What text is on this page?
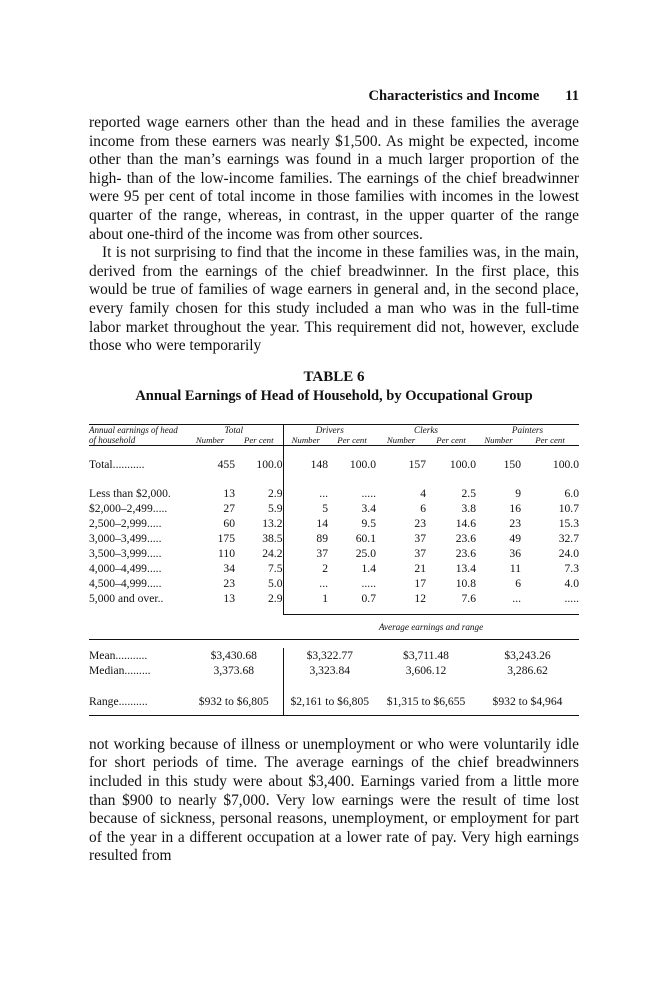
Characteristics and Income 11

reported wage earners other than the head and in these families the average income from these earners was nearly $1,500. As might be expected, income other than the man’s earnings was found in a much larger proportion of the high- than of the low-income families. The earnings of the chief breadwinner were 95 per cent of total income in those families with incomes in the lowest quarter of the range, whereas, in contrast, in the upper quarter of the range about one-third of the income was from other sources.

It is not surprising to find that the income in these families was, in the main, derived from the earnings of the chief breadwinner. In the first place, this would be true of families of wage earners in general and, in the second place, every family chosen for this study included a man who was in the full-time labor market throughout the year. This requirement did not, however, exclude those who were temporarily

TABLE 6
Annual Earnings of Head of Household, by Occupational Group

Annual earnings of head of household	Total		Drivers		Clerks		Painters	
	Number	Per cent	Number	Per cent	Number	Per cent	Number	Per cent

Total...........	455	100.0	148	100.0	157	100.0	150	100.0

Less than $2,000.	13	2.9	...	.....	4	2.5	9	6.0
$2,000–2,499.....	27	5.9	5	3.4	6	3.8	16	10.7
2,500–2,999.....	60	13.2	14	9.5	23	14.6	23	15.3
3,000–3,499.....	175	38.5	89	60.1	37	23.6	49	32.7
3,500–3,999.....	110	24.2	37	25.0	37	23.6	36	24.0
4,000–4,499.....	34	7.5	2	1.4	21	13.4	11	7.3
4,500–4,999.....	23	5.0	...	.....	17	10.8	6	4.0
5,000 and over..	13	2.9	1	0.7	12	7.6	...	.....

			Average earnings and range					

Mean...........	$3,430.68		$3,322.77		$3,711.48		$3,243.26	
Median.........	3,373.68		3,323.84		3,606.12		3,286.62	

Range..........	$932 to $6,805		$2,161 to $6,805		$1,315 to $6,655		$932 to $4,964	

not working because of illness or unemployment or who were voluntarily idle for short periods of time. The average earnings of the chief breadwinners included in this study were about $3,400. Earnings varied from a little more than $900 to nearly $7,000. Very low earnings were the result of time lost because of sickness, personal reasons, unemployment, or employment for part of the year in a different occupation at a lower rate of pay. Very high earnings resulted from
